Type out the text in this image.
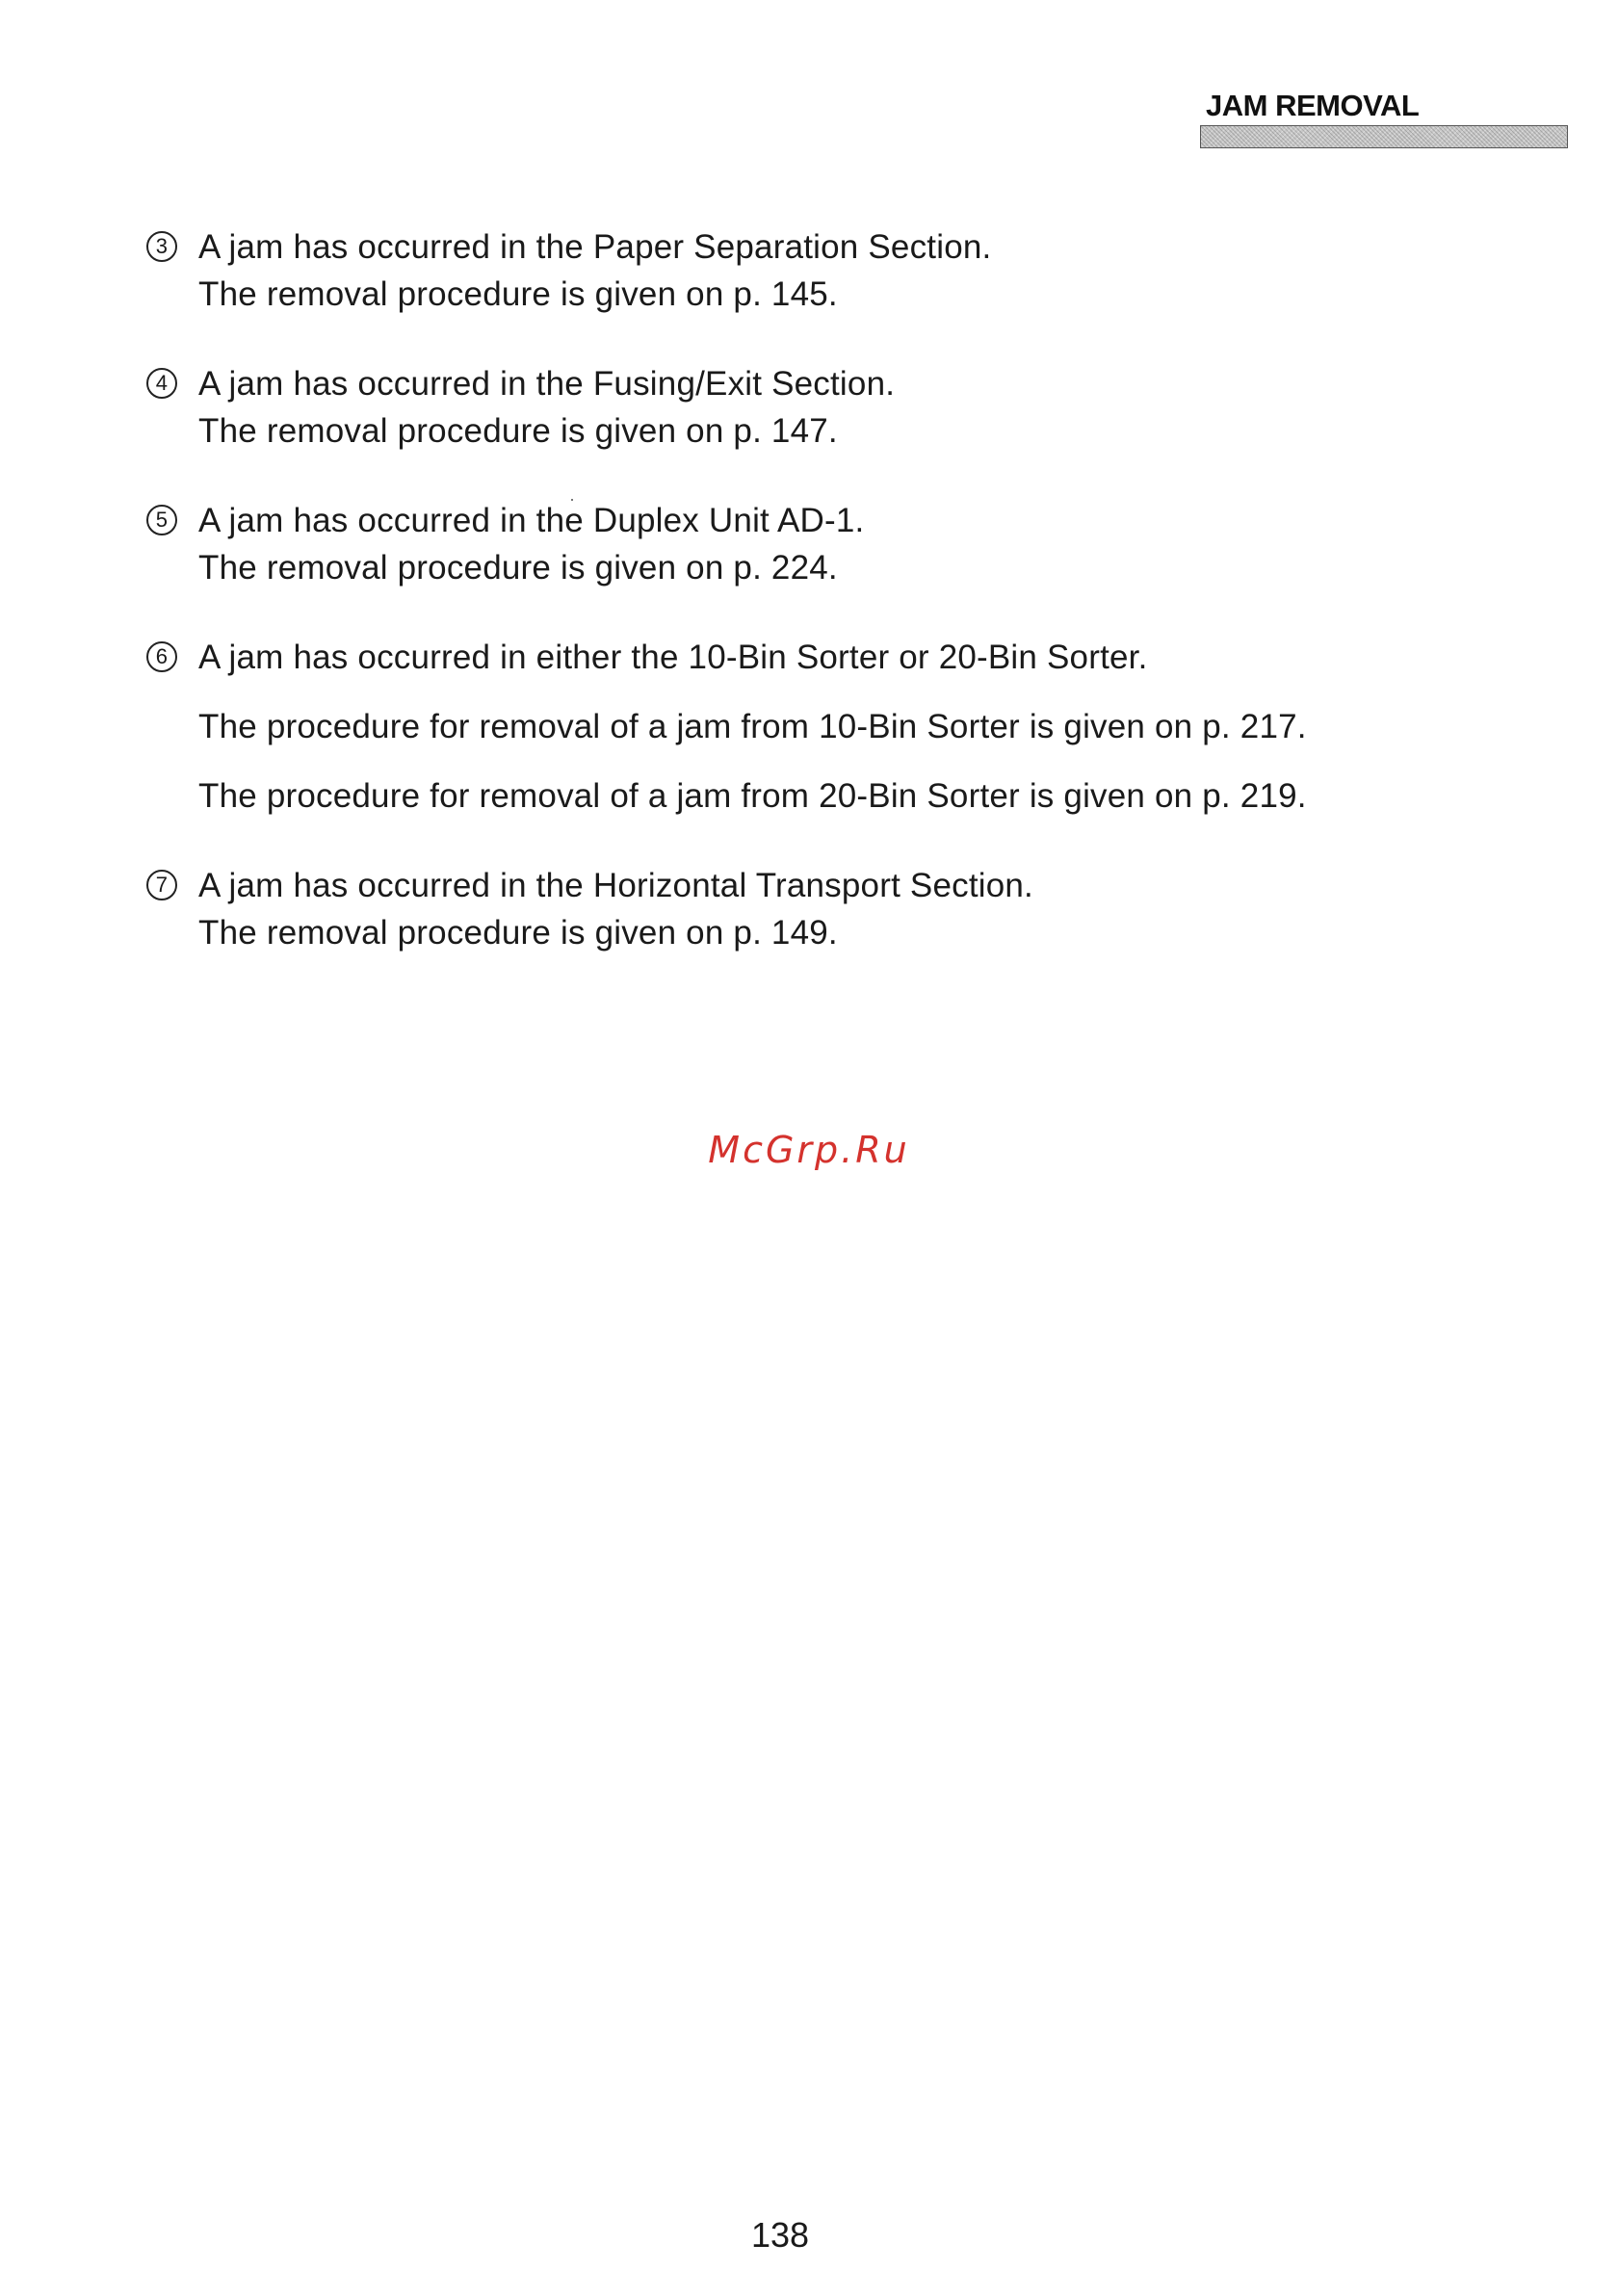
JAM REMOVAL
3 A jam has occurred in the Paper Separation Section.
The removal procedure is given on p. 145.
4 A jam has occurred in the Fusing/Exit Section.
The removal procedure is given on p. 147.
5 A jam has occurred in the Duplex Unit AD-1.
The removal procedure is given on p. 224.
6 A jam has occurred in either the 10-Bin Sorter or 20-Bin Sorter.
The procedure for removal of a jam from 10-Bin Sorter is given on p. 217.
The procedure for removal of a jam from 20-Bin Sorter is given on p. 219.
7 A jam has occurred in the Horizontal Transport Section.
The removal procedure is given on p. 149.
McGrp.Ru
138
